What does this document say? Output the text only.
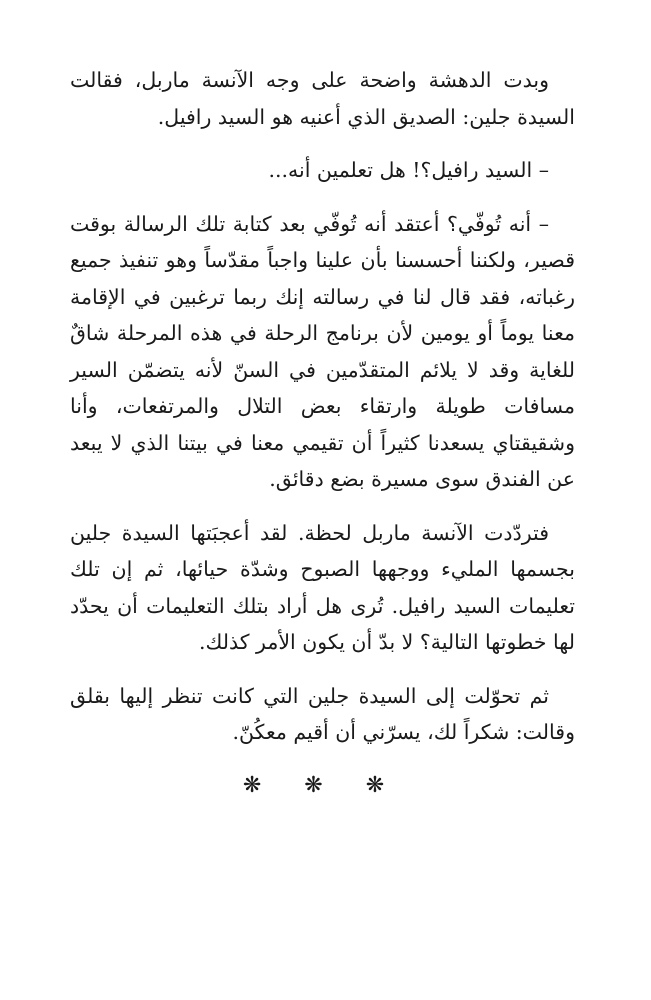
وبدت الدهشة واضحة على وجه الآنسة ماربل، فقالت السيدة جلين: الصديق الذي أعنيه هو السيد رافيل.

– السيد رافيل؟! هل تعلمين أنه...

– أنه تُوفّي؟ أعتقد أنه تُوفّي بعد كتابة تلك الرسالة بوقت قصير، ولكننا أحسسنا بأن علينا واجباً مقدّساً وهو تنفيذ جميع رغباته، فقد قال لنا في رسالته إنك ربما ترغبين في الإقامة معنا يوماً أو يومين لأن برنامج الرحلة في هذه المرحلة شاقٌ للغاية وقد لا يلائم المتقدّمين في السنّ لأنه يتضمّن السير مسافات طويلة وارتقاء بعض التلال والمرتفعات، وأنا وشقيقتاي يسعدنا كثيراً أن تقيمي معنا في بيتنا الذي لا يبعد عن الفندق سوى مسيرة بضع دقائق.

فتردّدت الآنسة ماربل لحظة. لقد أعجبَتها السيدة جلين بجسمها المليء ووجهها الصبوح وشدّة حيائها، ثم إن تلك تعليمات السيد رافيل. تُرى هل أراد بتلك التعليمات أن يحدّد لها خطوتها التالية؟ لا بدّ أن يكون الأمر كذلك.

ثم تحوّلت إلى السيدة جلين التي كانت تنظر إليها بقلق وقالت: شكراً لك، يسرّني أن أقيم معكُنّ.

❋ ❋ ❋
